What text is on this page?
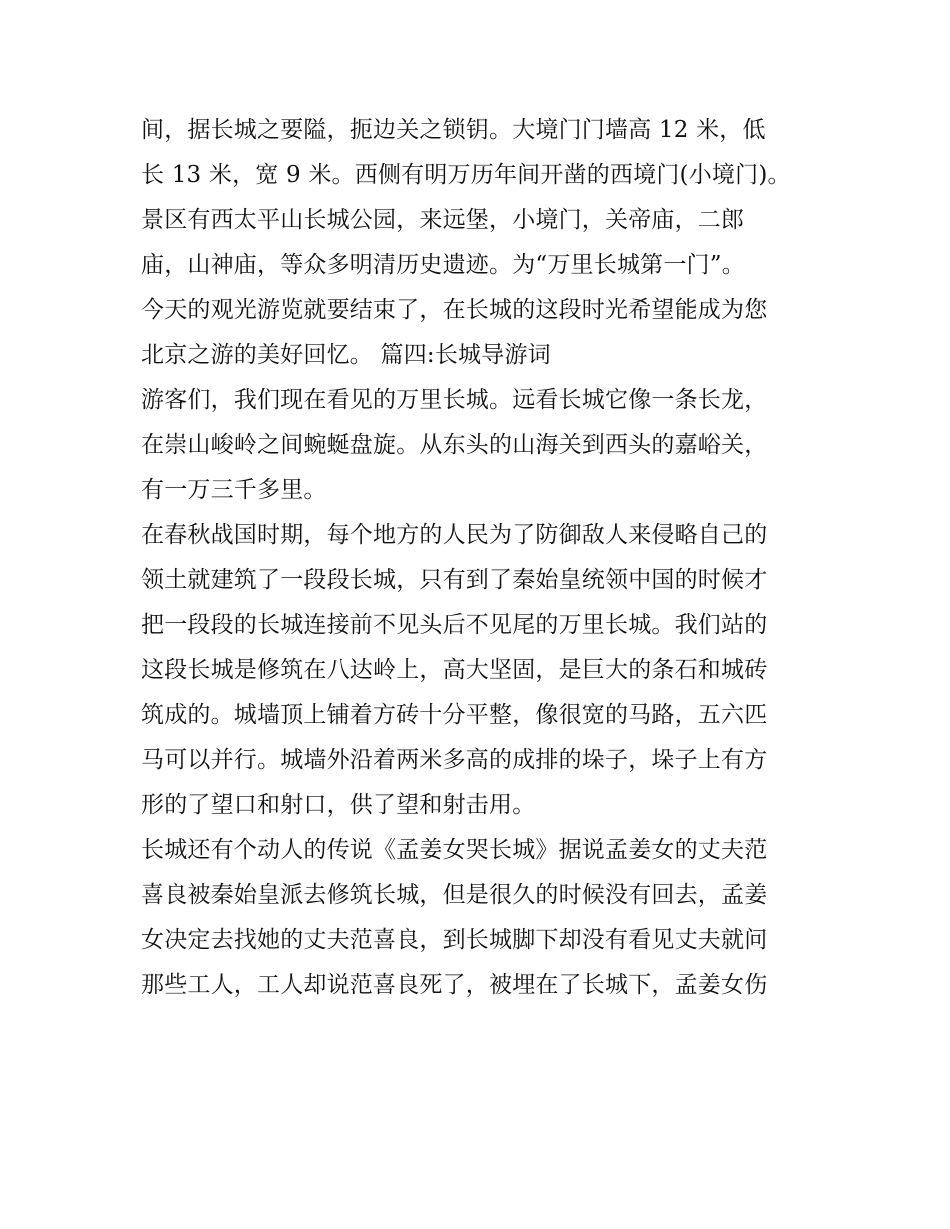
间，据长城之要隘，扼边关之锁钥。大境门门墙高 12 米，低
长 13 米，宽 9 米。西侧有明万历年间开凿的西境门(小境门)。
景区有西太平山长城公园，来远堡，小境门，关帝庙，二郎
庙，山神庙，等众多明清历史遗迹。为“万里长城第一门”。
今天的观光游览就要结束了，在长城的这段时光希望能成为您
北京之游的美好回忆。 篇四:长城导游词
游客们，我们现在看见的万里长城。远看长城它像一条长龙，
在崇山峻岭之间蜿蜒盘旋。从东头的山海关到西头的嘉峪关，
有一万三千多里。
在春秋战国时期，每个地方的人民为了防御敌人来侵略自己的
领土就建筑了一段段长城，只有到了秦始皇统领中国的时候才
把一段段的长城连接前不见头后不见尾的万里长城。我们站的
这段长城是修筑在八达岭上，高大坚固，是巨大的条石和城砖
筑成的。城墙顶上铺着方砖十分平整，像很宽的马路，五六匹
马可以并行。城墙外沿着两米多高的成排的垛子，垛子上有方
形的了望口和射口，供了望和射击用。
长城还有个动人的传说《孟姜女哭长城》据说孟姜女的丈夫范
喜良被秦始皇派去修筑长城，但是很久的时候没有回去，孟姜
女决定去找她的丈夫范喜良，到长城脚下却没有看见丈夫就问
那些工人，工人却说范喜良死了，被埋在了长城下，孟姜女伤
